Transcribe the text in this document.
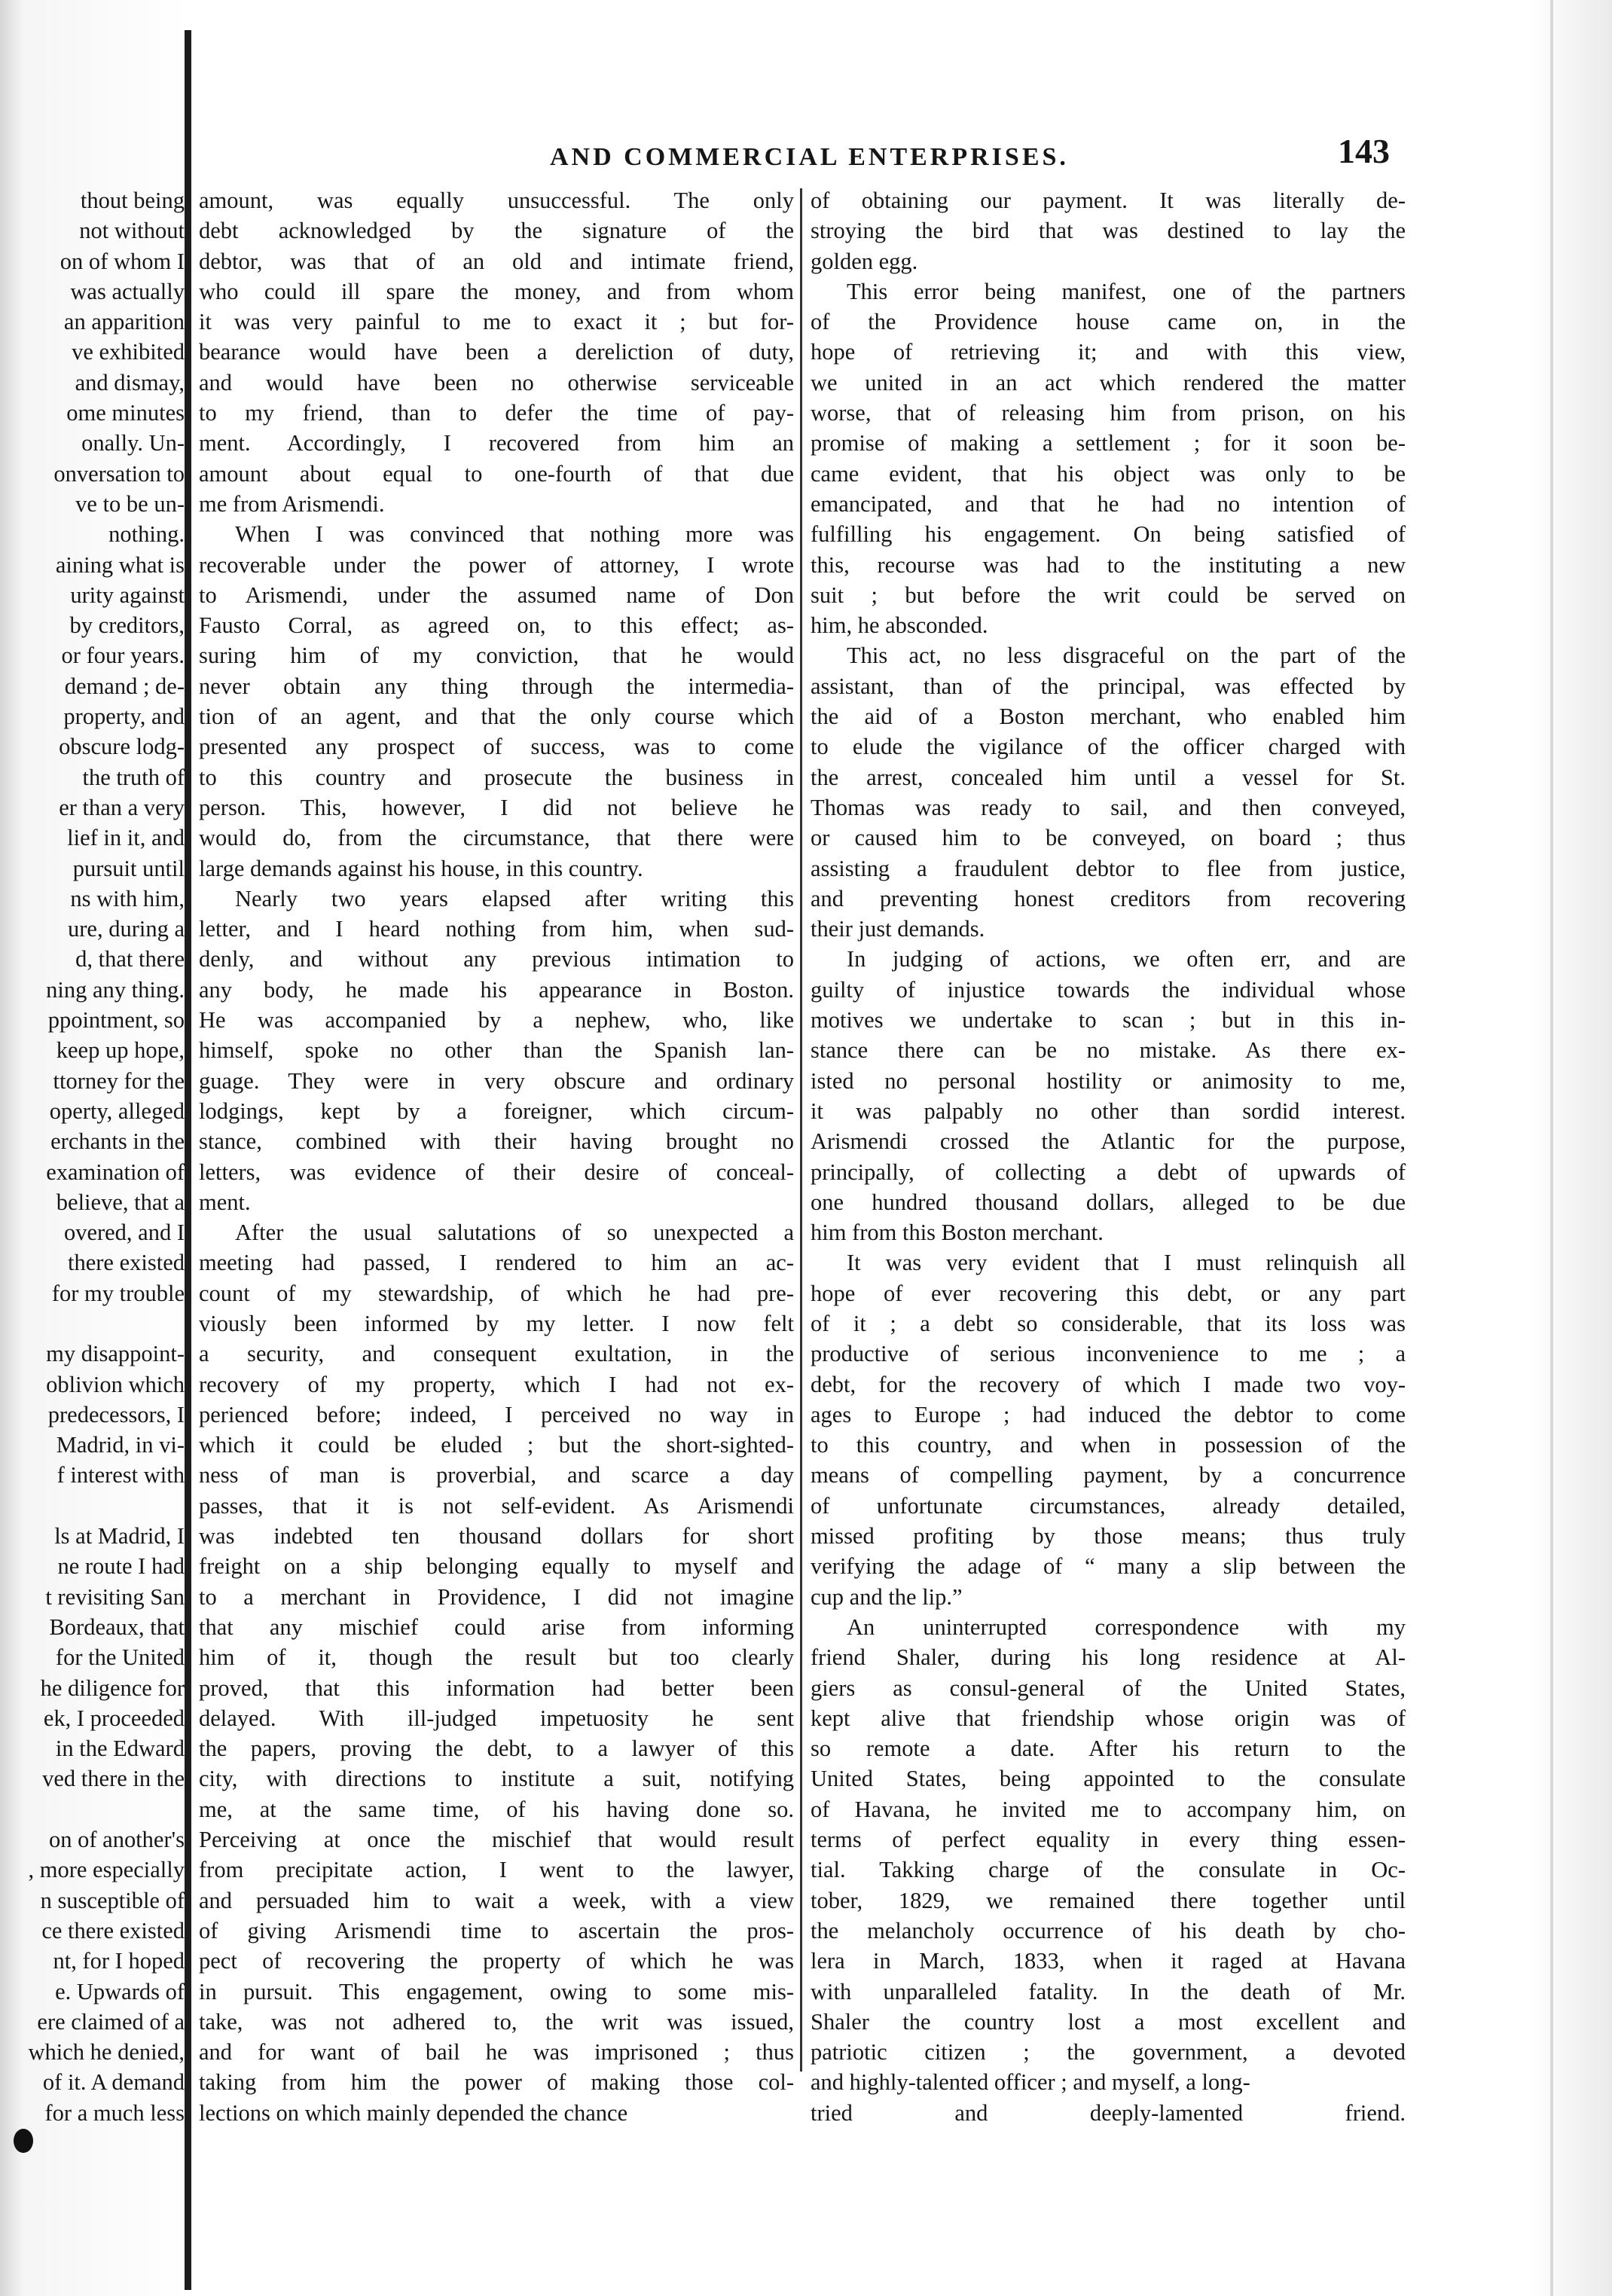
AND COMMERCIAL ENTERPRISES.	143
thout being
not without
on of whom I
was actually
an apparition
ve exhibited
and dismay,
ome minutes
onally. Un-
onversation to
ve to be un-
nothing.
aining what is
urity against
by creditors,
or four years.
demand ; de-
property, and
obscure lodg-
the truth of
er than a very
lief in it, and
pursuit until
ns with him,
ure, during a
d, that there
ning any thing.
ppointment, so
keep up hope,
ttorney for the
operty, alleged
erchants in the
examination of
believe, that a
overed, and I
there existed
for my trouble
my disappoint-
oblivion which
predecessors, I
Madrid, in vi-
f interest with
ls at Madrid, I
ne route I had
t revisiting San
Bordeaux, that
for the United
he diligence for
ek, I proceeded
in the Edward
ved there in the
on of another's
, more especially
n susceptible of
ce there existed
nt, for I hoped
e. Upwards of
ere claimed of a
which he denied,
of it. A demand
for a much less
amount, was equally unsuccessful. The only
debt acknowledged by the signature of the
debtor, was that of an old and intimate friend,
who could ill spare the money, and from whom
it was very painful to me to exact it ; but for-
bearance would have been a dereliction of duty,
and would have been no otherwise serviceable
to my friend, than to defer the time of pay-
ment. Accordingly, I recovered from him an
amount about equal to one-fourth of that due
me from Arismendi.
When I was convinced that nothing more was
recoverable under the power of attorney, I wrote
to Arismendi, under the assumed name of Don
Fausto Corral, as agreed on, to this effect; as-
suring him of my conviction, that he would
never obtain any thing through the intermedia-
tion of an agent, and that the only course which
presented any prospect of success, was to come
to this country and prosecute the business in
person. This, however, I did not believe he
would do, from the circumstance, that there were
large demands against his house, in this country.
Nearly two years elapsed after writing this
letter, and I heard nothing from him, when sud-
denly, and without any previous intimation to
any body, he made his appearance in Boston.
He was accompanied by a nephew, who, like
himself, spoke no other than the Spanish lan-
guage. They were in very obscure and ordinary
lodgings, kept by a foreigner, which circum-
stance, combined with their having brought no
letters, was evidence of their desire of conceal-
ment.
After the usual salutations of so unexpected a
meeting had passed, I rendered to him an ac-
count of my stewardship, of which he had pre-
viously been informed by my letter. I now felt
a security, and consequent exultation, in the
recovery of my property, which I had not ex-
perienced before; indeed, I perceived no way in
which it could be eluded ; but the short-sighted-
ness of man is proverbial, and scarce a day
passes, that it is not self-evident. As Arismendi
was indebted ten thousand dollars for short
freight on a ship belonging equally to myself and
to a merchant in Providence, I did not imagine
that any mischief could arise from informing
him of it, though the result but too clearly
proved, that this information had better been
delayed. With ill-judged impetuosity he sent
the papers, proving the debt, to a lawyer of this
city, with directions to institute a suit, notifying
me, at the same time, of his having done so.
Perceiving at once the mischief that would result
from precipitate action, I went to the lawyer,
and persuaded him to wait a week, with a view
of giving Arismendi time to ascertain the pros-
pect of recovering the property of which he was
in pursuit. This engagement, owing to some mis-
take, was not adhered to, the writ was issued,
and for want of bail he was imprisoned ; thus
taking from him the power of making those col-
lections on which mainly depended the chance
of obtaining our payment. It was literally de-
stroying the bird that was destined to lay the
golden egg.
This error being manifest, one of the partners
of the Providence house came on, in the
hope of retrieving it; and with this view,
we united in an act which rendered the matter
worse, that of releasing him from prison, on his
promise of making a settlement ; for it soon be-
came evident, that his object was only to be
emancipated, and that he had no intention of
fulfilling his engagement. On being satisfied of
this, recourse was had to the instituting a new
suit ; but before the writ could be served on
him, he absconded.
This act, no less disgraceful on the part of the
assistant, than of the principal, was effected by
the aid of a Boston merchant, who enabled him
to elude the vigilance of the officer charged with
the arrest, concealed him until a vessel for St.
Thomas was ready to sail, and then conveyed,
or caused him to be conveyed, on board ; thus
assisting a fraudulent debtor to flee from justice,
and preventing honest creditors from recovering
their just demands.
In judging of actions, we often err, and are
guilty of injustice towards the individual whose
motives we undertake to scan ; but in this in-
stance there can be no mistake. As there ex-
isted no personal hostility or animosity to me,
it was palpably no other than sordid interest.
Arismendi crossed the Atlantic for the purpose,
principally, of collecting a debt of upwards of
one hundred thousand dollars, alleged to be due
him from this Boston merchant.
It was very evident that I must relinquish all
hope of ever recovering this debt, or any part
of it ; a debt so considerable, that its loss was
productive of serious inconvenience to me ; a
debt, for the recovery of which I made two voy-
ages to Europe ; had induced the debtor to come
to this country, and when in possession of the
means of compelling payment, by a concurrence
of unfortunate circumstances, already detailed,
missed profiting by those means; thus truly
verifying the adage of “ many a slip between the
cup and the lip.”
An uninterrupted correspondence with my
friend Shaler, during his long residence at Al-
giers as consul-general of the United States,
kept alive that friendship whose origin was of
so remote a date. After his return to the
United States, being appointed to the consulate
of Havana, he invited me to accompany him, on
terms of perfect equality in every thing essen-
tial. Takking charge of the consulate in Oc-
tober, 1829, we remained there together until
the melancholy occurrence of his death by cho-
lera in March, 1833, when it raged at Havana
with unparalleled fatality. In the death of Mr.
Shaler the country lost a most excellent and
patriotic citizen ; the government, a devoted
and highly-talented officer ; and myself, a long-
tried and deeply-lamented friend.
